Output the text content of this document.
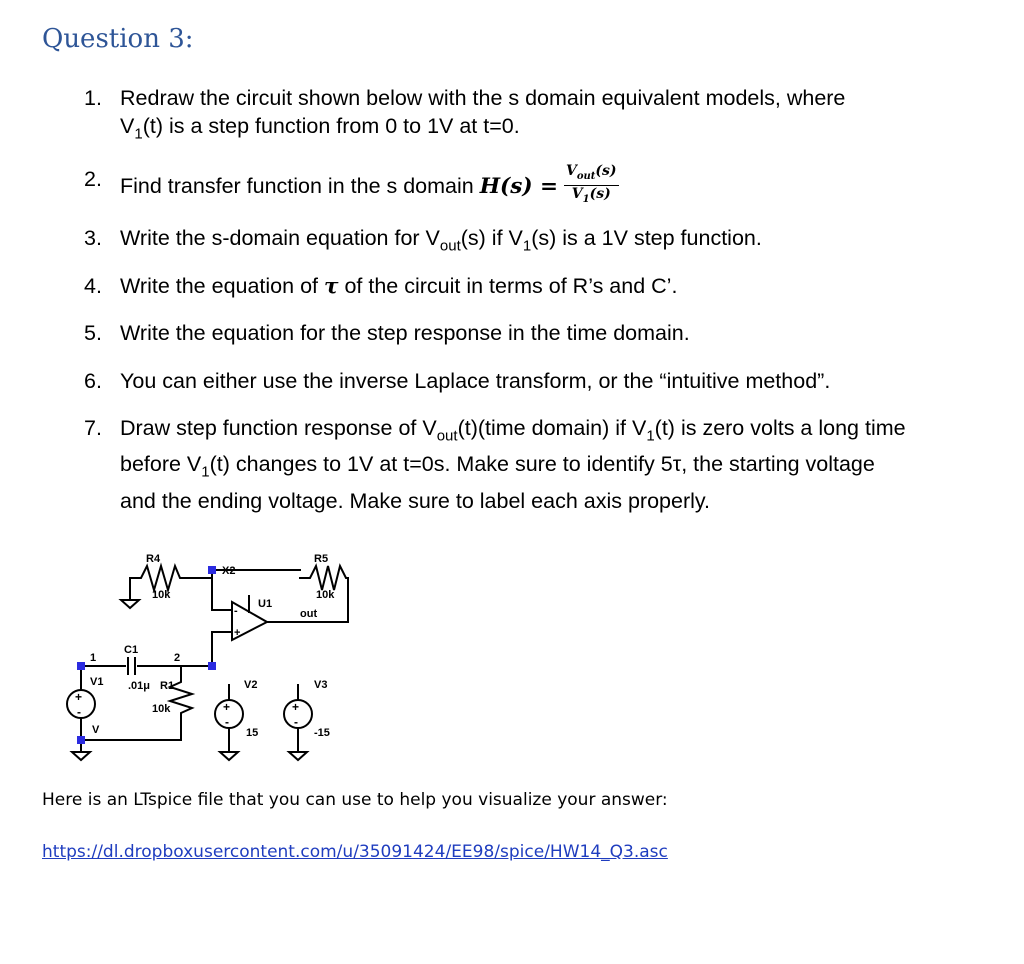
Question 3:
1. Redraw the circuit shown below with the s domain equivalent models, where
$V_1(t)$ is a step function from 0 to 1V at t=0.
2. Find transfer function in the s domain $H(s) = \frac{V_{out}(s)}{V_1(s)}$
3. Write the s-domain equation for $V_{out}(s)$ if $V_1(s)$ is a 1V step function.
4. Write the equation of τ of the circuit in terms of R’s and C’.
5. Write the equation for the step response in the time domain.
6. You can either use the inverse Laplace transform, or the “intuitive method”.
7. Draw step function response of $V_{out}(t)(time$ domain) if $V_1(t)$ is zero volts a long time
before $V_1(t)$ changes to 1V at t=0s. Make sure to identify 5τ, the starting voltage
and the ending voltage. Make sure to label each axis properly.
+
-	+
-
+
-
-
+
R4
10k
X2
R5
10k
U1
out
C1
1	2
V1 .01μ R1
10k
V2	V3
V	15	-15
Here is an LTspice file that you can use to help you visualize your answer:
https://dl.dropboxusercontent.com/u/35091424/EE98/spice/HW14_Q3.asc
